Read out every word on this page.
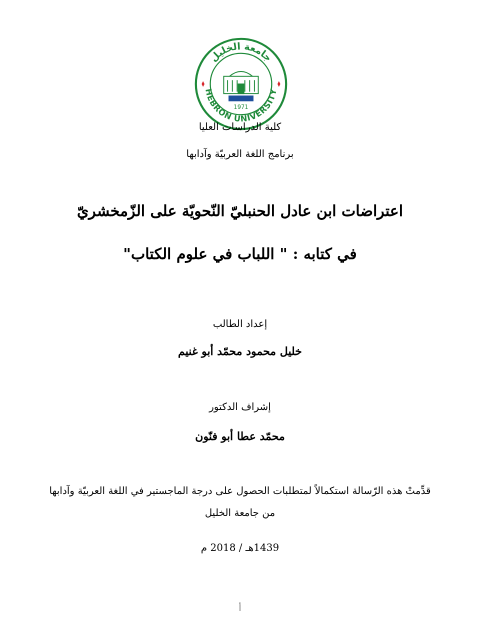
جامعة الخليل
HEBRON UNIVERSITY
1971
كلية الدراسات العليا
برنامج اللغة العربيّة وآدابها
اعتراضات ابن عادل الحنبليّ النّحويّة على الزّمخشريّ
في كتابه : " اللباب في علوم الكتاب"
إعداد الطالب
خليل محمود محمّد أبو غنيم
إشراف الدكتور
محمّد عطا أبو فنّون
قدِّمتْ هذه الرّسالة استكمالاً لمتطلبات الحصول على درجة الماجستير في اللغة العربيّة وآدابها
من جامعة الخليل
1439هـ / 2018 م
أ
